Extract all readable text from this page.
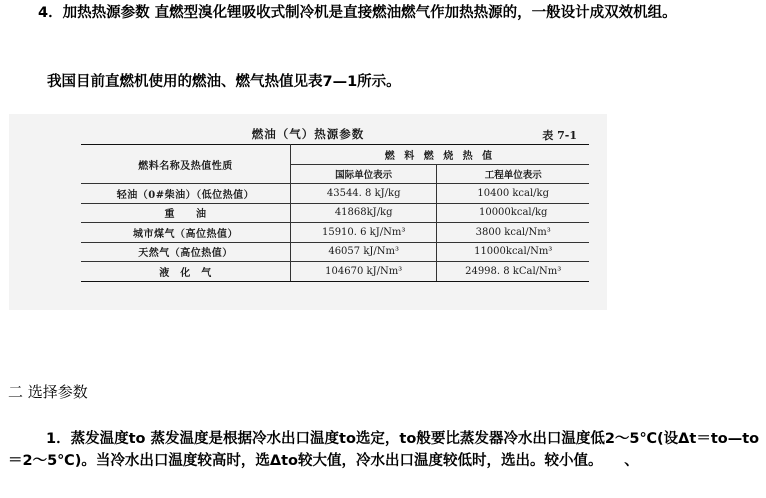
4．加热热源参数 直燃型溴化锂吸收式制冷机是直接燃油燃气作加热热源的，一般设计成双效机组。
我国目前直燃机使用的燃油、燃气热值见表7—1所示。
燃油（气）热源参数	表 7-1
燃料名称及热值性质	燃 料 燃 烧 热 值	
	国际单位表示	工程单位表示
轻油（0#柴油）（低位热值）	43544. 8 kJ/kg	10400 kcal/kg
重　　油	41868kJ/kg	10000kcal/kg
城市煤气（高位热值）	15910. 6 kJ/Nm³	3800 kcal/Nm³
天然气（高位热值）	46057 kJ/Nm³	11000kcal/Nm³
液　化　气	104670 kJ/Nm³	24998. 8 kCal/Nm³
二 选择参数
1．蒸发温度to 蒸发温度是根据冷水出口温度to选定，to般要比蒸发器冷水出口温度低2～5℃(设Δt＝to—to＝2～5℃)。当冷水出口温度较高时，选Δto较大值，冷水出口温度较低时，选出。较小值。　　、
